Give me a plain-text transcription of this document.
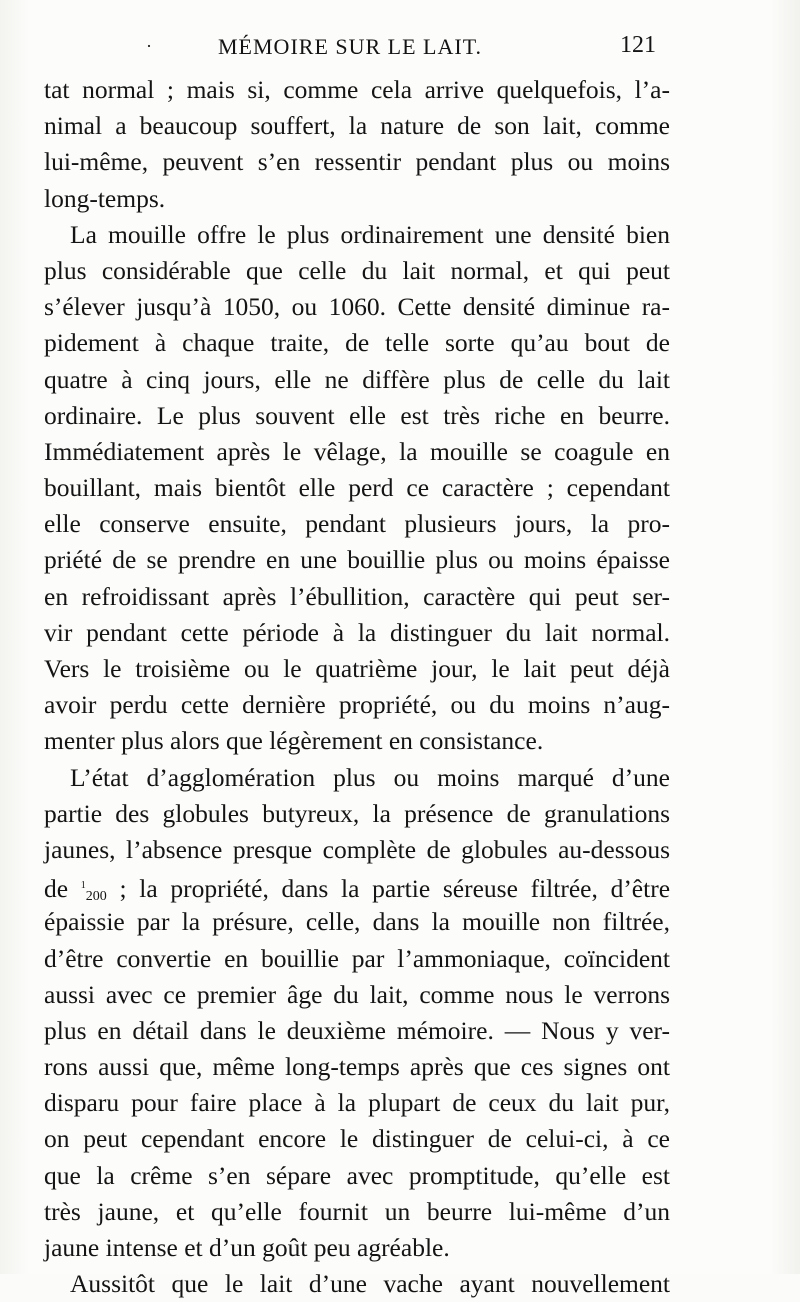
·	MÉMOIRE SUR LE LAIT.	121
tat normal ; mais si, comme cela arrive quelquefois, l’a-
nimal a beaucoup souffert, la nature de son lait, comme
lui-même, peuvent s’en ressentir pendant plus ou moins
long-temps.
La mouille offre le plus ordinairement une densité bien
plus considérable que celle du lait normal, et qui peut
s’élever jusqu’à 1050, ou 1060. Cette densité diminue ra-
pidement à chaque traite, de telle sorte qu’au bout de
quatre à cinq jours, elle ne diffère plus de celle du lait
ordinaire. Le plus souvent elle est très riche en beurre.
Immédiatement après le vêlage, la mouille se coagule en
bouillant, mais bientôt elle perd ce caractère ; cependant
elle conserve ensuite, pendant plusieurs jours, la pro-
priété de se prendre en une bouillie plus ou moins épaisse
en refroidissant après l’ébullition, caractère qui peut ser-
vir pendant cette période à la distinguer du lait normal.
Vers le troisième ou le quatrième jour, le lait peut déjà
avoir perdu cette dernière propriété, ou du moins n’aug-
menter plus alors que légèrement en consistance.
L’état d’agglomération plus ou moins marqué d’une
partie des globules butyreux, la présence de granulations
jaunes, l’absence presque complète de globules au-dessous
de $^1$200 ; la propriété, dans la partie séreuse filtrée, d’être
épaissie par la présure, celle, dans la mouille non filtrée,
d’être convertie en bouillie par l’ammoniaque, coïncident
aussi avec ce premier âge du lait, comme nous le verrons
plus en détail dans le deuxième mémoire. — Nous y ver-
rons aussi que, même long-temps après que ces signes ont
disparu pour faire place à la plupart de ceux du lait pur,
on peut cependant encore le distinguer de celui-ci, à ce
que la crême s’en sépare avec promptitude, qu’elle est
très jaune, et qu’elle fournit un beurre lui-même d’un
jaune intense et d’un goût peu agréable.
Aussitôt que le lait d’une vache ayant nouvellement
